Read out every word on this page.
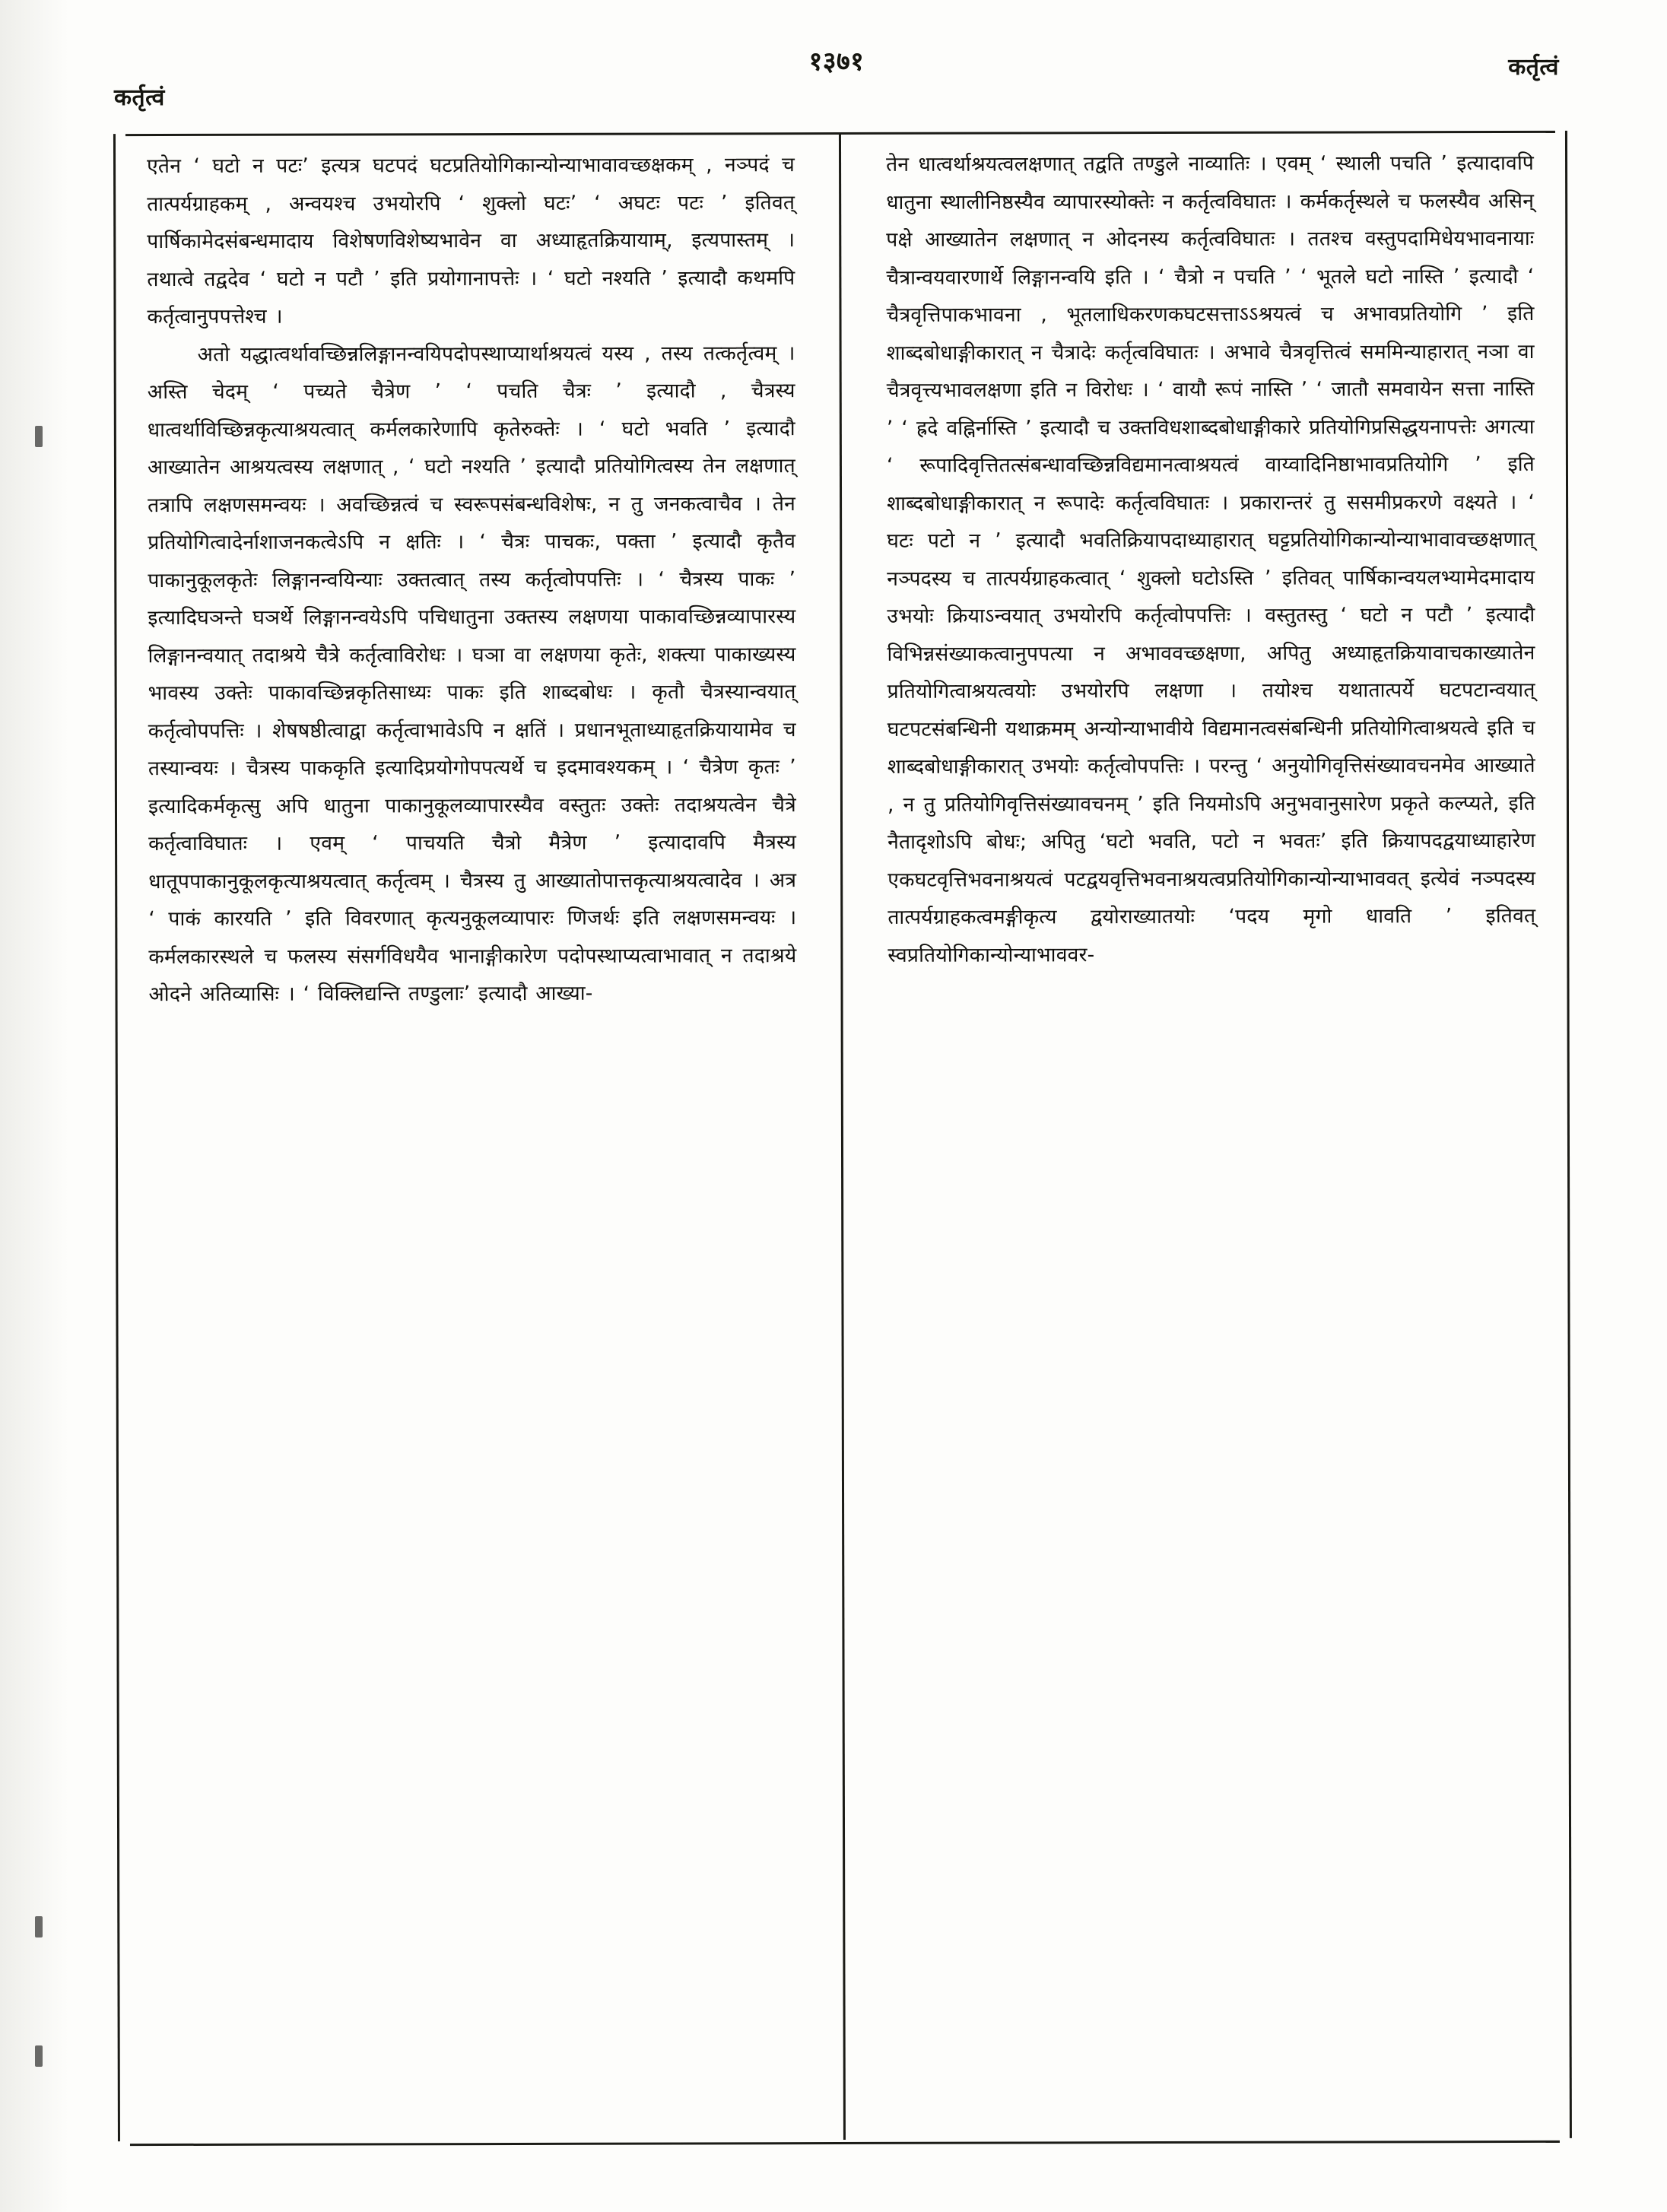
कर्तृत्वं
१३७१	कर्तृत्वं

एतेन ‘ घटो न पटः’ इत्यत्र घटपदं घटप्रतियोगिकान्योन्याभावावच्छक्षकम् , नञ्पदं च तात्पर्यग्राहकम् , अन्वयश्च उभयोरपि ‘ शुक्लो घटः’ ‘ अघटः पटः ’ इतिवत् पार्षिकामेदसंबन्धमादाय विशेषणविशेष्यभावेन वा अध्याहृतक्रियायाम्, इत्यपास्तम् । तथात्वे तद्वदेव ‘ घटो न पटौ ’ इति प्रयोगानापत्तेः । ‘ घटो नश्यति ’ इत्यादौ कथमपि कर्तृत्वानुपपत्तेश्च ।

अतो यद्धात्वर्थावच्छिन्नलिङ्गानन्वयिपदोपस्थाप्यार्थाश्रयत्वं यस्य , तस्य तत्कर्तृत्वम् । अस्ति चेदम् ‘ पच्यते चैत्रेण ’ ‘ पचति चैत्रः ’ इत्यादौ , चैत्रस्य धात्वर्थाविच्छिन्नकृत्याश्रयत्वात् कर्मलकारेणापि कृतेरुक्तेः । ‘ घटो भवति ’ इत्यादौ आख्यातेन आश्रयत्वस्य लक्षणात् , ‘ घटो नश्यति ’ इत्यादौ प्रतियोगित्वस्य तेन लक्षणात् तत्रापि लक्षणसमन्वयः । अवच्छिन्नत्वं च स्वरूपसंबन्धविशेषः, न तु जनकत्वाचैव । तेन प्रतियोगित्वादेर्नाशाजनकत्वेऽपि न क्षतिः । ‘ चैत्रः पाचकः, पक्ता ’ इत्यादौ कृतैव पाकानुकूलकृतेः लिङ्गानन्वयिन्याः उक्तत्वात् तस्य कर्तृत्वोपपत्तिः । ‘ चैत्रस्य पाकः ’ इत्यादिघञन्ते घञर्थे लिङ्गानन्वयेऽपि पचिधातुना उक्तस्य लक्षणया पाकावच्छिन्नव्यापारस्य लिङ्गानन्वयात् तदाश्रये चैत्रे कर्तृत्वाविरोधः । घञा वा लक्षणया कृतेः, शक्त्या पाकाख्यस्य भावस्य उक्तेः पाकावच्छिन्नकृतिसाध्यः पाकः इति शाब्दबोधः । कृतौ चैत्रस्यान्वयात् कर्तृत्वोपपत्तिः । शेषषष्ठीत्वाद्वा कर्तृत्वाभावेऽपि न क्षतिं । प्रधानभूताध्याहृतक्रियायामेव च तस्यान्वयः । चैत्रस्य पाककृति इत्यादिप्रयोगोपपत्यर्थे च इदमावश्यकम् । ‘ चैत्रेण कृतः ’ इत्यादिकर्मकृत्सु अपि धातुना पाकानुकूलव्यापारस्यैव वस्तुतः उक्तेः तदाश्रयत्वेन चैत्रे कर्तृत्वाविघातः । एवम् ‘ पाचयति चैत्रो मैत्रेण ’ इत्यादावपि मैत्रस्य धातूपपाकानुकूलकृत्याश्रयत्वात् कर्तृत्वम् । चैत्रस्य तु आख्यातोपात्तकृत्याश्रयत्वादेव । अत्र ‘ पाकं कारयति ’ इति विवरणात् कृत्यनुकूलव्यापारः णिजर्थः इति लक्षणसमन्वयः । कर्मलकारस्थले च फलस्य संसर्गविधयैव भानाङ्गीकारेण पदोपस्थाप्यत्वाभावात् न तदाश्रये ओदने अतिव्यासिः । ‘ विक्लिद्यन्ति तण्डुलाः’ इत्यादौ आख्या-

तेन धात्वर्थाश्रयत्वलक्षणात् तद्वति तण्डुले नाव्यातिः । एवम् ‘ स्थाली पचति ’ इत्यादावपि धातुना स्थालीनिष्ठस्यैव व्यापारस्योक्तेः न कर्तृत्वविघातः । कर्मकर्तृस्थले च फलस्यैव असिन् पक्षे आख्यातेन लक्षणात् न ओदनस्य कर्तृत्वविघातः । ततश्च वस्तुपदामिधेयभावनायाः चैत्रान्वयवारणार्थे लिङ्गानन्वयि इति । ‘ चैत्रो न पचति ’ ‘ भूतले घटो नास्ति ’ इत्यादौ ‘ चैत्रवृत्तिपाकभावना , भूतलाधिकरणकघटसत्ताऽऽश्रयत्वं च अभावप्रतियोगि ’ इति शाब्दबोधाङ्गीकारात् न चैत्रादेः कर्तृत्वविघातः । अभावे चैत्रवृत्तित्वं सममिन्याहारात् नञा वा चैत्रवृत्त्यभावलक्षणा इति न विरोधः । ‘ वायौ रूपं नास्ति ’ ‘ जातौ समवायेन सत्ता नास्ति ’ ‘ ह्रदे वह्निर्नास्ति ’ इत्यादौ च उक्तविधशाब्दबोधाङ्गीकारे प्रतियोगिप्रसिद्धयनापत्तेः अगत्या ‘ रूपादिवृत्तितत्संबन्धावच्छिन्नविद्यमानत्वाश्रयत्वं वाय्वादिनिष्ठाभावप्रतियोगि ’ इति शाब्दबोधाङ्गीकारात् न रूपादेः कर्तृत्वविघातः । प्रकारान्तरं तु ससमीप्रकरणे वक्ष्यते । ‘ घटः पटो न ’ इत्यादौ भवतिक्रियापदाध्याहारात् घट्टप्रतियोगिकान्योन्याभावावच्छक्षणात् नञ्पदस्य च तात्पर्यग्राहकत्वात् ‘ शुक्लो घटोऽस्ति ’ इतिवत् पार्षिकान्वयलभ्यामेदमादाय उभयोः क्रियाऽन्वयात् उभयोरपि कर्तृत्वोपपत्तिः । वस्तुतस्तु ‘ घटो न पटौ ’ इत्यादौ विभिन्नसंख्याकत्वानुपपत्या न अभाववच्छक्षणा, अपितु अध्याहृतक्रियावाचकाख्यातेन प्रतियोगित्वाश्रयत्वयोः उभयोरपि लक्षणा । तयोश्च यथातात्पर्ये घटपटान्वयात् घटपटसंबन्धिनी यथाक्रमम् अन्योन्याभावीये विद्यमानत्वसंबन्धिनी प्रतियोगित्वाश्रयत्वे इति च शाब्दबोधाङ्गीकारात् उभयोः कर्तृत्वोपपत्तिः । परन्तु ‘ अनुयोगिवृत्तिसंख्यावचनमेव आख्याते , न तु प्रतियोगिवृत्तिसंख्यावचनम् ’ इति नियमोऽपि अनुभवानुसारेण प्रकृते कल्प्यते, इति नैतादृशोऽपि बोधः; अपितु ‘घटो भवति, पटो न भवतः’ इति क्रियापदद्वयाध्याहारेण एकघटवृत्तिभवनाश्रयत्वं पटद्वयवृत्तिभवनाश्रयत्वप्रतियोगिकान्योन्याभाववत् इत्येवं नञ्पदस्य तात्पर्यग्राहकत्वमङ्गीकृत्य द्वयोराख्यातयोः ‘पदय मृगो धावति ’ इतिवत् स्वप्रतियोगिकान्योन्याभाववर-
